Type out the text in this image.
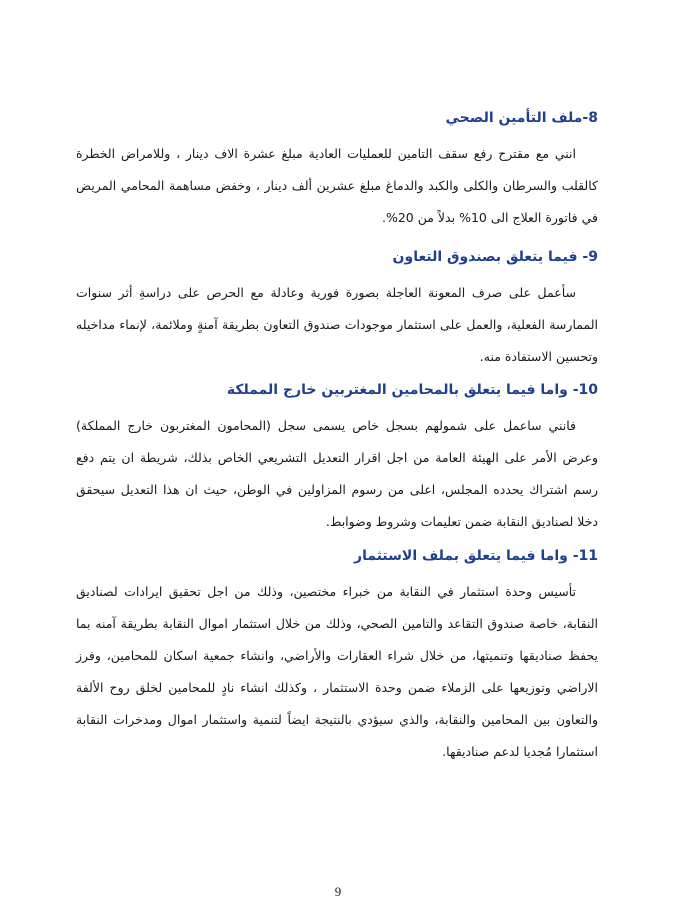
8-ملف التأمين الصحي
انني مع مقترح رفع سقف التامين للعمليات العادية مبلغ عشرة الاف دينار ، وللامراض الخطرة كالقلب والسرطان والكلى والكبد والدماغ مبلغ عشرين ألف دينار ، وخفض مساهمة المحامي المريض في فاتورة العلاج الى 10% بدلاً من 20%.
9- فيما يتعلق بصندوق التعاون
سأعمل على صرف المعونة العاجلة بصورة فورية وعادلة مع الحرص على دراسةِ أثر سنوات الممارسة الفعلية، والعمل على استثمار موجودات صندوق التعاون بطريقة آمنةٍ وملائمة، لإنماء مداخيله وتحسين الاستفادة منه.
10- واما فيما يتعلق بالمحامين المغتربين خارج المملكة
فانني ساعمل على شمولهم بسجل خاص يسمى سجل (المحامون المغتربون خارج المملكة) وعرض الأمر على الهيئة العامة من اجل اقرار التعديل التشريعي الخاص بذلك، شريطة ان يتم دفع رسم اشتراك يحدده المجلس، اعلى من رسوم المزاولين في الوطن، حيث ان هذا التعديل سيحقق دخلا لصناديق النقابة ضمن تعليمات وشروط وضوابط.
11- واما فيما يتعلق بملف الاستثمار
تأسيس وحدة استثمار في النقابة من خبراء مختصين، وذلك من اجل تحقيق ايرادات لصناديق النقابة، خاصة صندوق التقاعد والتامين الصحي، وذلك من خلال استثمار اموال النقابة بطريقة آمنه بما يحفظ صناديقها وتنميتها، من خلال شراء العقارات والأراضي، وانشاء جمعية اسكان للمحامين، وفرز الاراضي وتوزيعها على الزملاء ضمن وحدة الاستثمار ، وكذلك انشاء نادٍ للمحامين لخلق روح الألفة والتعاون بين المحامين والنقابة، والذي سيؤدي بالنتيجة ايضاً لتنمية واستثمار اموال ومدخرات النقابة استثمارا مُجديا لدعم صناديقها.
9
